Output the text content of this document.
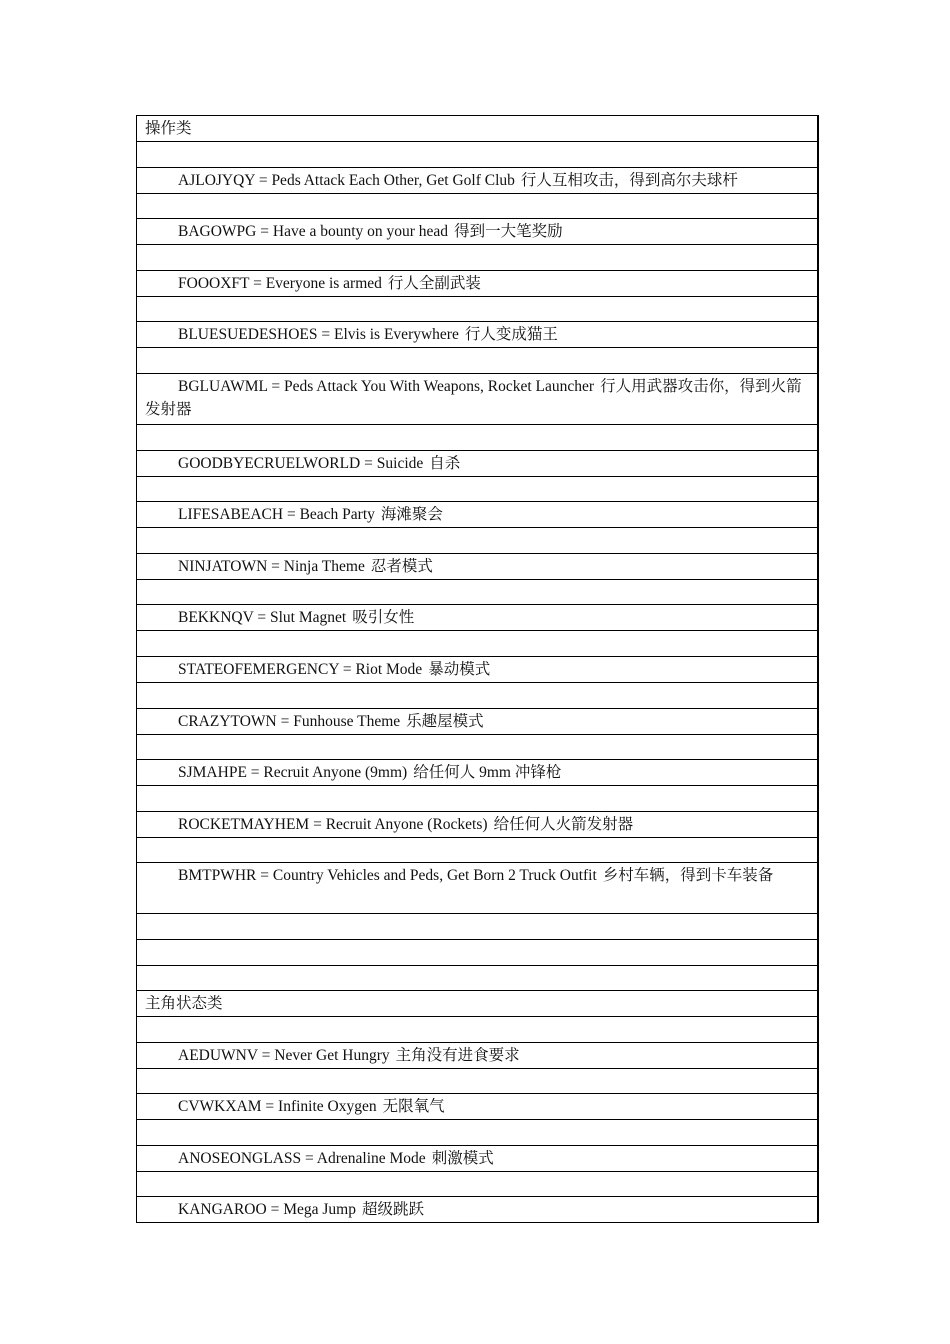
操作类
AJLOJYQY = Peds Attack Each Other, Get Golf Club 行人互相攻击，得到高尔夫球杆
BAGOWPG = Have a bounty on your head 得到一大笔奖励
FOOOXFT = Everyone is armed 行人全副武装
BLUESUEDESHOES = Elvis is Everywhere 行人变成猫王
BGLUAWML = Peds Attack You With Weapons, Rocket Launcher 行人用武器攻击你，得到火箭发射器
GOODBYECRUELWORLD = Suicide 自杀
LIFESABEACH = Beach Party 海滩聚会
NINJATOWN = Ninja Theme 忍者模式
BEKKNQV = Slut Magnet 吸引女性
STATEOFEMERGENCY = Riot Mode 暴动模式
CRAZYTOWN = Funhouse Theme 乐趣屋模式
SJMAHPE = Recruit Anyone (9mm) 给任何人 9mm 冲锋枪
ROCKETMAYHEM = Recruit Anyone (Rockets) 给任何人火箭发射器
BMTPWHR = Country Vehicles and Peds, Get Born 2 Truck Outfit 乡村车辆，得到卡车装备
主角状态类
AEDUWNV = Never Get Hungry 主角没有进食要求
CVWKXAM = Infinite Oxygen 无限氧气
ANOSEONGLASS = Adrenaline Mode 刺激模式
KANGAROO = Mega Jump 超级跳跃
